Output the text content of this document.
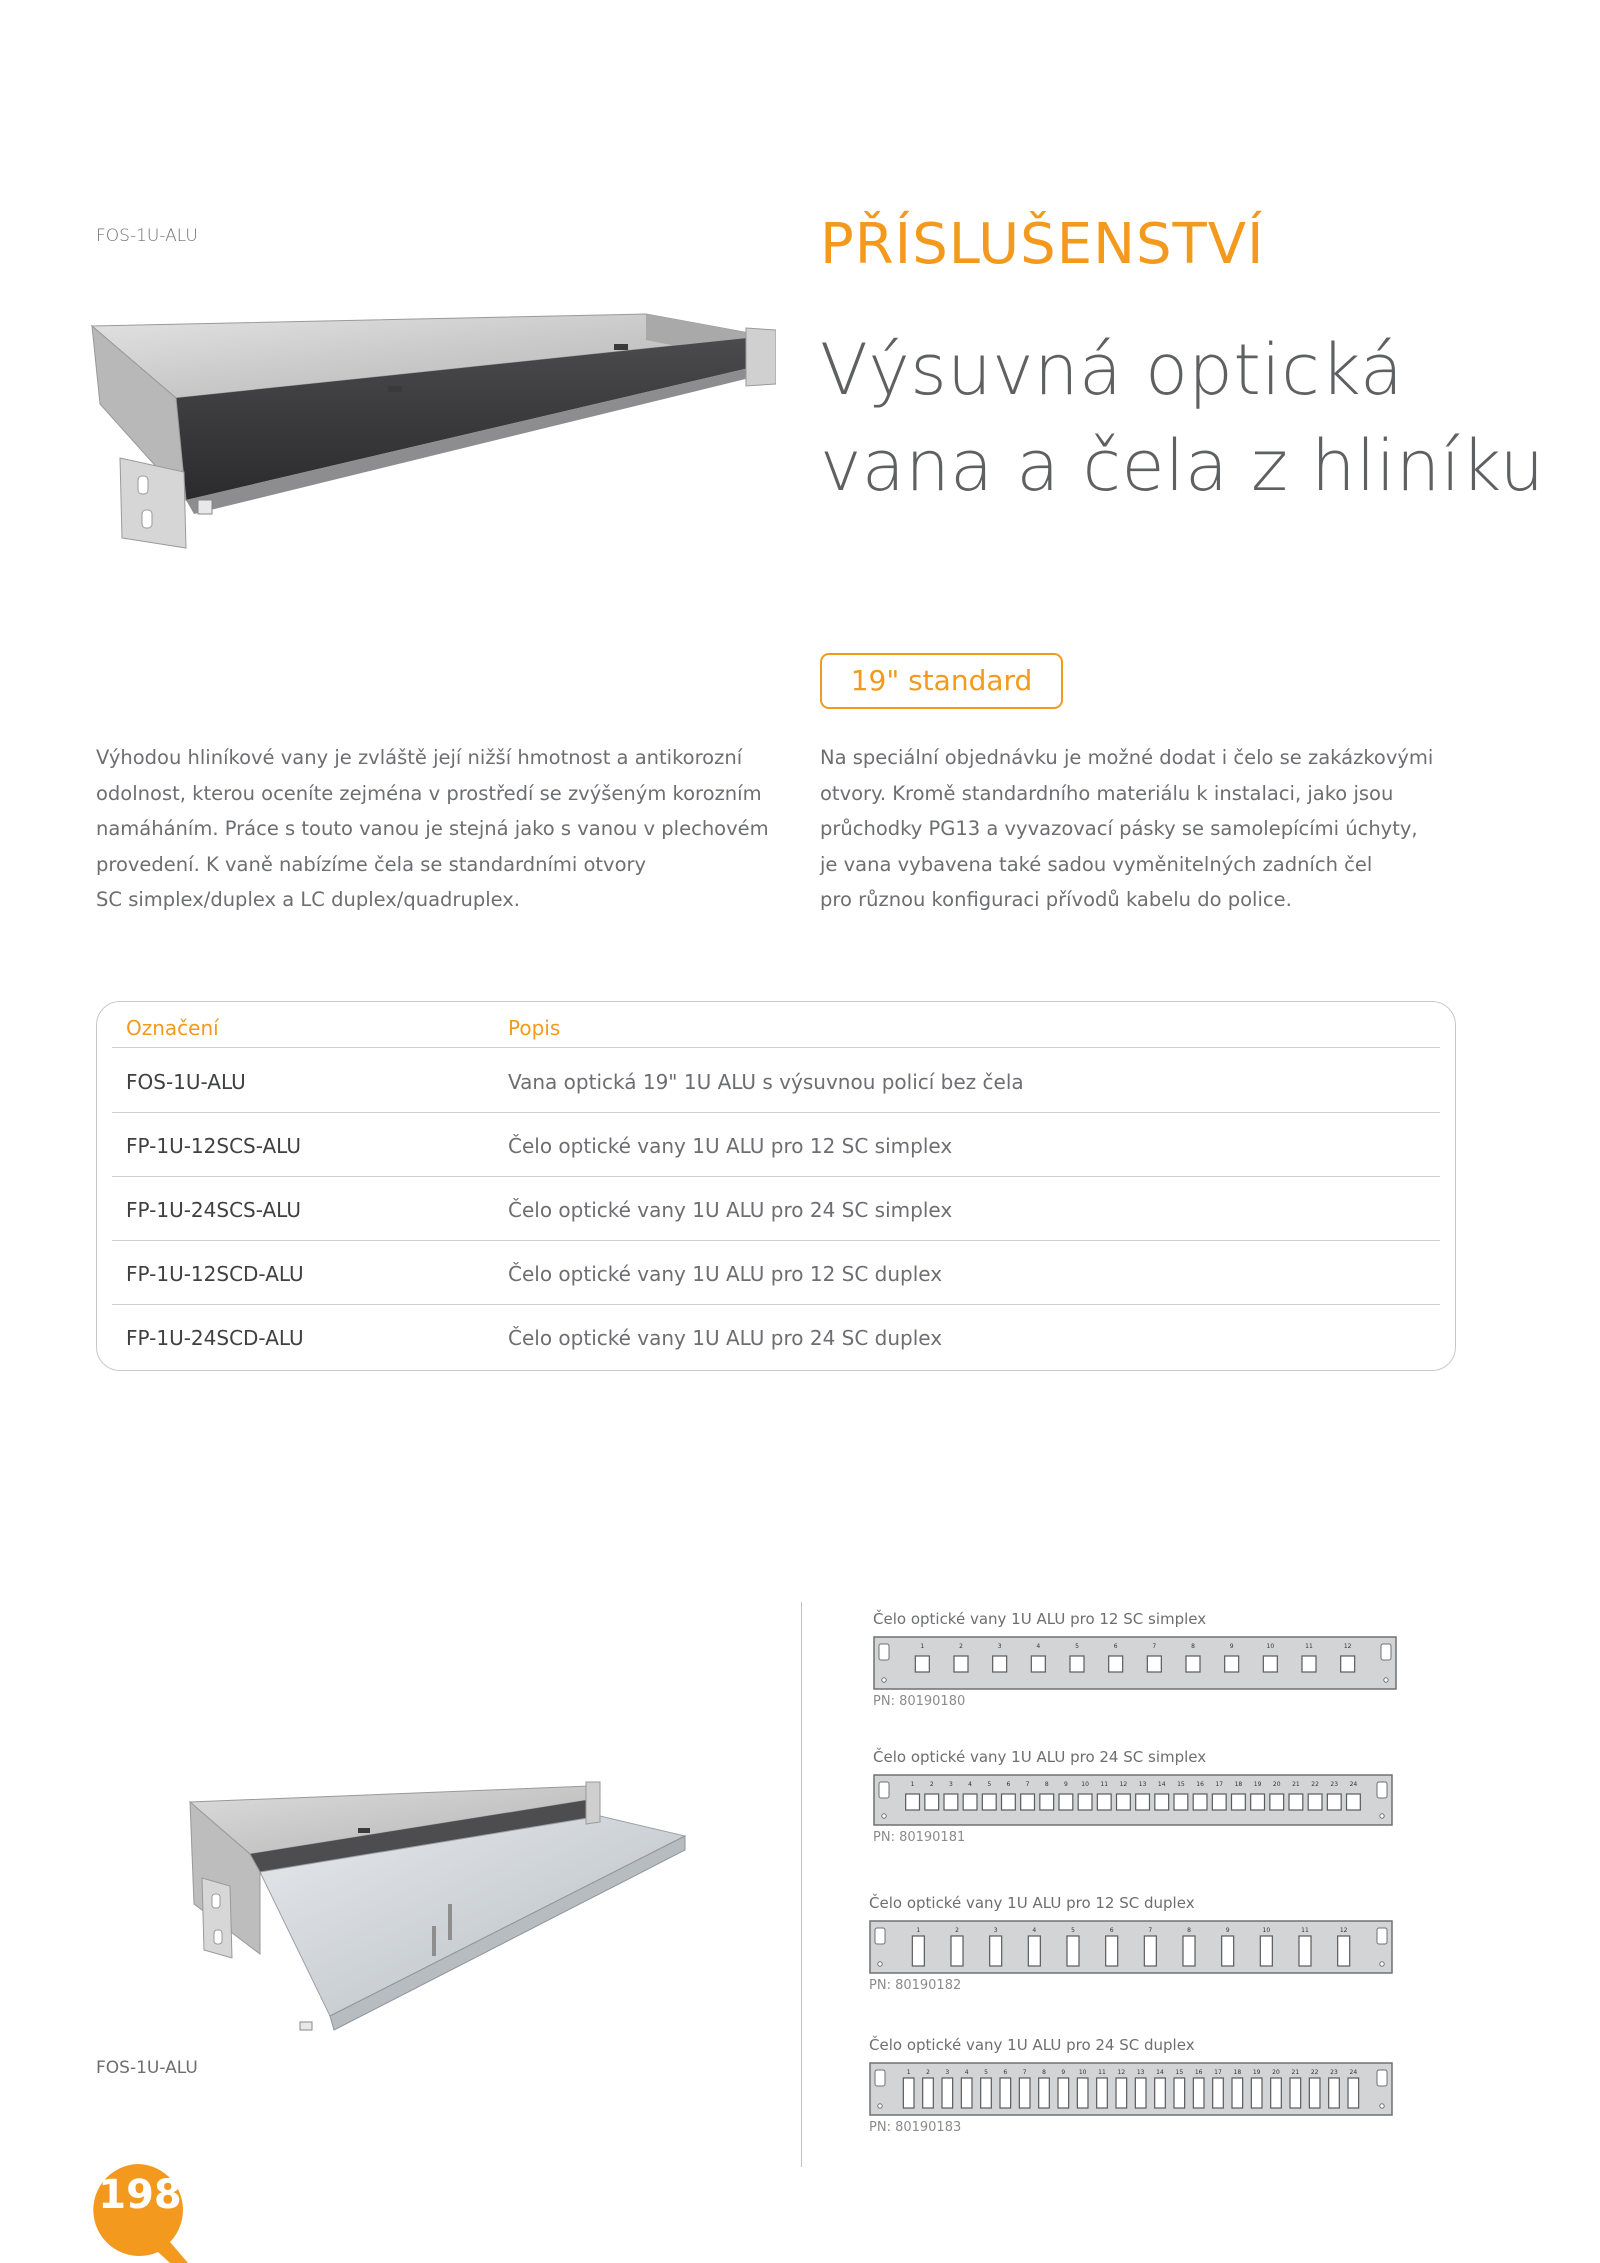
FOS-1U-ALU	PŘÍSLUŠENSTVÍ
Výsuvná optická
vana a čela z hliníku
19" standard
Výhodou hliníkové vany je zvláště její nižší hmotnost a antikorozní
odolnost, kterou oceníte zejména v prostředí se zvýšeným korozním
namáháním. Práce s touto vanou je stejná jako s vanou v plechovém
provedení. K vaně nabízíme čela se standardními otvory
SC simplex/duplex a LC duplex/quadruplex.
Na speciální objednávku je možné dodat i čelo se zakázkovými
otvory. Kromě standardního materiálu k instalaci, jako jsou
průchodky PG13 a vyvazovací pásky se samolepícími úchyty,
je vana vybavena také sadou vyměnitelných zadních čel
pro různou konfiguraci přívodů kabelu do police.
Označení	Popis
FOS-1U-ALU	Vana optická 19" 1U ALU s výsuvnou policí bez čela
FP-1U-12SCS-ALU	Čelo optické vany 1U ALU pro 12 SC simplex
FP-1U-24SCS-ALU	Čelo optické vany 1U ALU pro 24 SC simplex
FP-1U-12SCD-ALU	Čelo optické vany 1U ALU pro 12 SC duplex
FP-1U-24SCD-ALU	Čelo optické vany 1U ALU pro 24 SC duplex
FOS-1U-ALU
Čelo optické vany 1U ALU pro 12 SC simplex
1	2	3	4	5	6	7	8	9	10	11	12
PN: 80190180
Čelo optické vany 1U ALU pro 24 SC simplex
1	2	3	4	5	6	7	8	9 10 11 12 13 14 15 16 17 18 19 20 21 22 23 24
PN: 80190181
Čelo optické vany 1U ALU pro 12 SC duplex
1	2	3	4	5	6	7	8	9	10	11	12
PN: 80190182
Čelo optické vany 1U ALU pro 24 SC duplex
1	2	3	4	5	6	7	8	9 10 11 12 13 14 15 16 17 18 19 20 21 22 23 24
PN: 80190183
198
